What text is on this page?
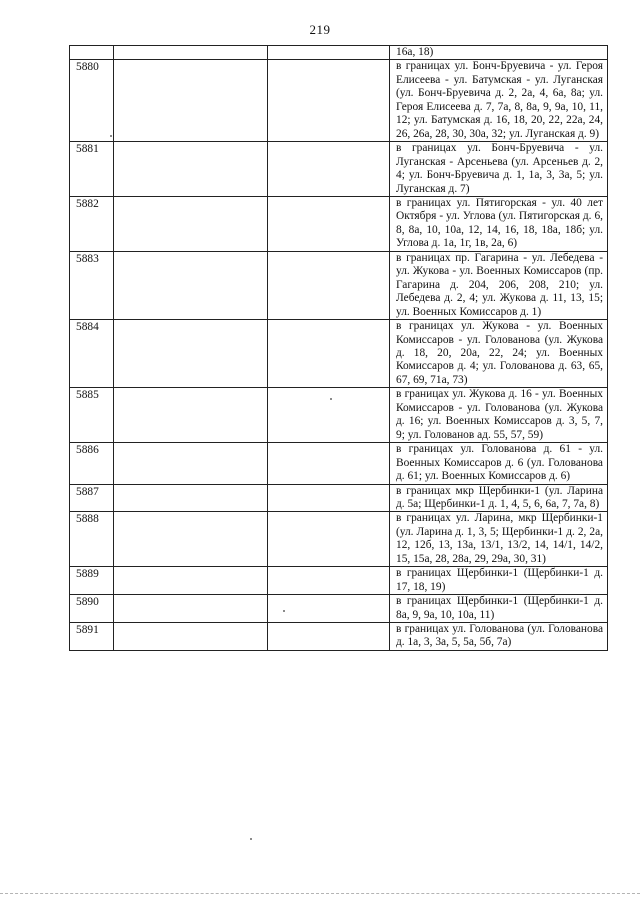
219
			16а, 18)
5880			в границах ул. Бонч-Бруевича - ул. Героя Елисеева - ул. Батумская - ул. Луганская (ул. Бонч-Бруевича д. 2, 2а, 4, 6а, 8а; ул. Героя Елисеева д. 7, 7а, 8, 8а, 9, 9а, 10, 11, 12; ул. Батумская д. 16, 18, 20, 22, 22а, 24, 26, 26а, 28, 30, 30а, 32; ул. Луганская д. 9)
5881			в границах ул. Бонч-Бруевича - ул. Луганская - Арсеньева (ул. Арсеньев д. 2, 4; ул. Бонч-Бруевича д. 1, 1а, 3, 3а, 5; ул. Луганская д. 7)
5882			в границах ул. Пятигорская - ул. 40 лет Октября - ул. Углова (ул. Пятигорская д. 6, 8, 8а, 10, 10а, 12, 14, 16, 18, 18а, 18б; ул. Углова д. 1а, 1г, 1в, 2а, 6)
5883			в границах пр. Гагарина - ул. Лебедева - ул. Жукова - ул. Военных Комиссаров (пр. Гагарина д. 204, 206, 208, 210; ул. Лебедева д. 2, 4; ул. Жукова д. 11, 13, 15; ул. Военных Комиссаров д. 1)
5884			в границах ул. Жукова - ул. Военных Комиссаров - ул. Голованова (ул. Жукова д. 18, 20, 20а, 22, 24; ул. Военных Комиссаров д. 4; ул. Голованова д. 63, 65, 67, 69, 71а, 73)
5885			в границах ул. Жукова д. 16 - ул. Военных Комиссаров - ул. Голованова (ул. Жукова д. 16; ул. Военных Комиссаров д. 3, 5, 7, 9; ул. Голованов ад. 55, 57, 59)
5886			в границах ул. Голованова д. 61 - ул. Военных Комиссаров д. 6 (ул. Голованова д. 61; ул. Военных Комиссаров д. 6)
5887			в границах мкр Щербинки-1 (ул. Ларина д. 5а; Щербинки-1 д. 1, 4, 5, 6, 6а, 7, 7а, 8)
5888			в границах ул. Ларина, мкр Щербинки-1 (ул. Ларина д. 1, 3, 5; Щербинки-1 д. 2, 2а, 12, 12б, 13, 13а, 13/1, 13/2, 14, 14/1, 14/2, 15, 15а, 28, 28а, 29, 29а, 30, 31)
5889			в границах Щербинки-1 (Щербинки-1 д. 17, 18, 19)
5890			в границах Щербинки-1 (Щербинки-1 д. 8а, 9, 9а, 10, 10а, 11)
5891			в границах ул. Голованова (ул. Голованова д. 1а, 3, 3а, 5, 5а, 5б, 7а)
